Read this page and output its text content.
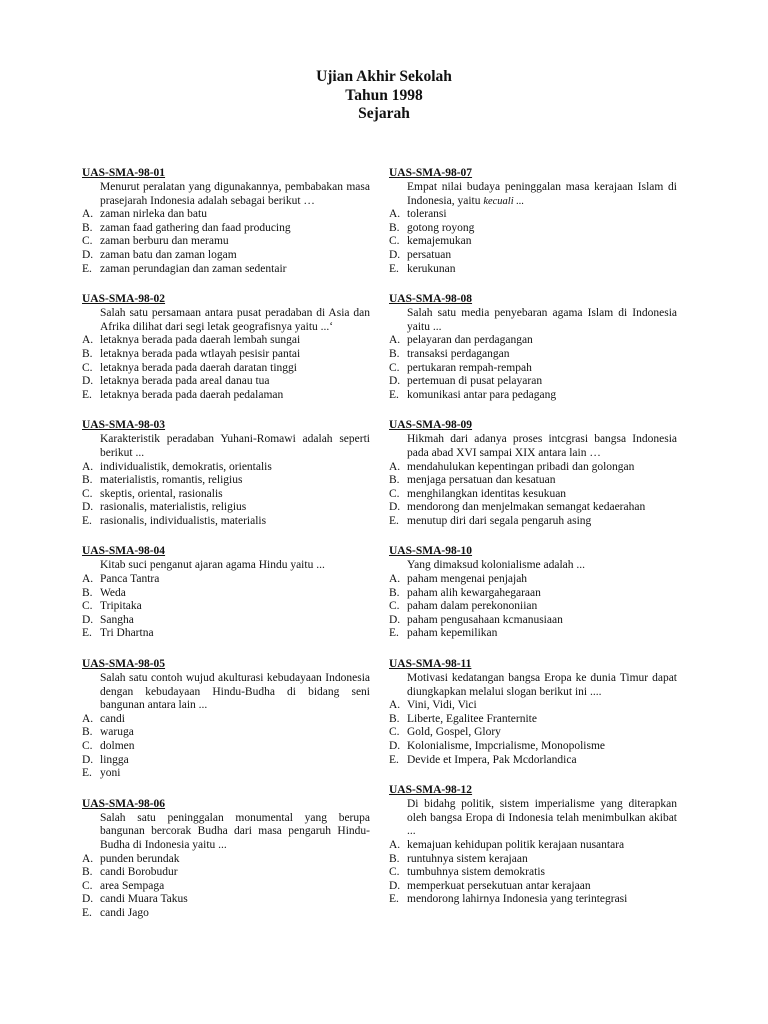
Ujian Akhir Sekolah
Tahun 1998
Sejarah
UAS-SMA-98-01
Menurut peralatan yang digunakannya, pembabakan masa prasejarah Indonesia adalah sebagai berikut …
A. zaman nirleka dan batu
B. zaman faad gathering dan faad producing
C. zaman berburu dan meramu
D. zaman batu dan zaman logam
E. zaman perundagian dan zaman sedentair
UAS-SMA-98-02
Salah satu persamaan antara pusat peradaban di Asia dan Afrika dilihat dari segi letak geografisnya yaitu ...‘
A. letaknya berada pada daerah lembah sungai
B. letaknya berada pada wtlayah pesisir pantai
C. letaknya berada pada daerah daratan tinggi
D. letaknya berada pada areal danau tua
E. letaknya berada pada daerah pedalaman
UAS-SMA-98-03
Karakteristik peradaban Yuhani-Romawi adalah seperti berikut ...
A. individualistik, demokratis, orientalis
B. materialistis, romantis, religius
C. skeptis, oriental, rasionalis
D. rasionalis, materialistis, religius
E. rasionalis, individualistis, materialis
UAS-SMA-98-04
Kitab suci penganut ajaran agama Hindu yaitu ...
A. Panca Tantra
B. Weda
C. Tripitaka
D. Sangha
E. Tri Dhartna
UAS-SMA-98-05
Salah satu contoh wujud akulturasi kebudayaan Indonesia dengan kebudayaan Hindu-Budha di bidang seni bangunan antara lain ...
A. candi
B. waruga
C. dolmen
D. lingga
E. yoni
UAS-SMA-98-06
Salah satu peninggalan monumental yang berupa bangunan bercorak Budha dari masa pengaruh Hindu-Budha di Indonesia yaitu ...
A. punden berundak
B. candi Borobudur
C. area Sempaga
D. candi Muara Takus
E. candi Jago
UAS-SMA-98-07
Empat nilai budaya peninggalan masa kerajaan Islam di Indonesia, yaitu kecuali ...
A. toleransi
B. gotong royong
C. kemajemukan
D. persatuan
E. kerukunan
UAS-SMA-98-08
Salah satu media penyebaran agama Islam di Indonesia yaitu ...
A. pelayaran dan perdagangan
B. transaksi perdagangan
C. pertukaran rempah-rempah
D. pertemuan di pusat pelayaran
E. komunikasi antar para pedagang
UAS-SMA-98-09
Hikmah dari adanya proses intcgrasi bangsa Indonesia pada abad XVI sampai XIX antara lain …
A. mendahulukan kepentingan pribadi dan golongan
B. menjaga persatuan dan kesatuan
C. menghilangkan identitas kesukuan
D. mendorong dan menjelmakan semangat kedaerahan
E. menutup diri dari segala pengaruh asing
UAS-SMA-98-10
Yang dimaksud kolonialisme adalah ...
A. paham mengenai penjajah
B. paham alih kewargahegaraan
C. paham dalam perekononiian
D. paham pengusahaan kcmanusiaan
E. paham kepemilikan
UAS-SMA-98-11
Motivasi kedatangan bangsa Eropa ke dunia Timur dapat diungkapkan melalui slogan berikut ini ....
A. Vini, Vidi, Vici
B. Liberte, Egalitee Franternite
C. Gold, Gospel, Glory
D. Kolonialisme, Impcrialisme, Monopolisme
E. Devide et Impera, Pak Mcdorlandica
UAS-SMA-98-12
Di bidahg politik, sistem imperialisme yang diterapkan oleh bangsa Eropa di Indonesia telah menimbulkan akibat ...
A. kemajuan kehidupan politik kerajaan nusantara
B. runtuhnya sistem kerajaan
C. tumbuhnya sistem demokratis
D. memperkuat persekutuan antar kerajaan
E. mendorong lahirnya Indonesia yang terintegrasi
